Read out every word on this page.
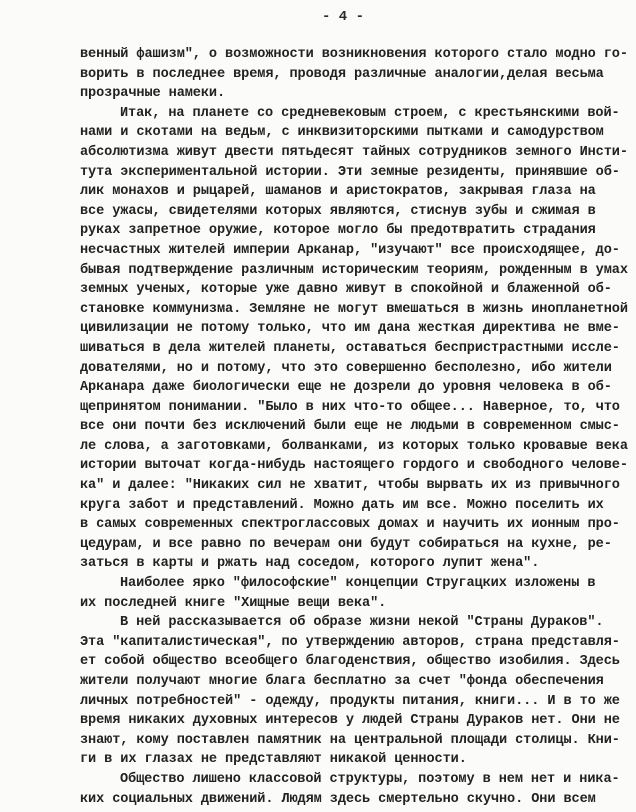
- 4 -
венный фашизм", о возможности возникновения которого стало модно го-
ворить в последнее время, проводя различные аналогии,делая весьма
прозрачные намеки.
Итак, на планете со средневековым строем, с крестьянскими вой-
нами и скотами на ведьм, с инквизиторскими пытками и самодурством
абсолютизма живут двести пятьдесят тайных сотрудников земного Инсти-
тута экспериментальной истории. Эти земные резиденты, принявшие об-
лик монахов и рыцарей, шаманов и аристократов, закрывая глаза на
все ужасы, свидетелями которых являются, стиснув зубы и сжимая в
руках запретное оружие, которое могло бы предотвратить страдания
несчастных жителей империи Арканар, "изучают" все происходящее, до-
бывая подтверждение различным историческим теориям, рожденным в умах
земных ученых, которые уже давно живут в спокойной и блаженной об-
становке коммунизма. Земляне не могут вмешаться в жизнь инопланетной
цивилизации не потому только, что им дана жесткая директива не вме-
шиваться в дела жителей планеты, оставаться беспристрастными иссле-
дователями, но и потому, что это совершенно бесполезно, ибо жители
Арканара даже биологически еще не дозрели до уровня человека в об-
щепринятом понимании. "Было в них что-то общее... Наверное, то, что
все они почти без исключений были еще не людьми в современном смыс-
ле слова, а заготовками, болванками, из которых только кровавые века
истории выточат когда-нибудь настоящего гордого и свободного челове-
ка" и далее: "Никаких сил не хватит, чтобы вырвать их из привычного
круга забот и представлений. Можно дать им все. Можно поселить их
в самых современных спектрогласcовых домах и научить их ионным про-
цедурам, и все равно по вечерам они будут собираться на кухне, ре-
заться в карты и ржать над соседом, которого лупит жена".
Наиболее ярко "философские" концепции Стругацких изложены в
их последней книге "Хищные вещи века".
В ней рассказывается об образе жизни некой "Страны Дураков".
Эта "капиталистическая", по утверждению авторов, страна представля-
ет собой общество всеобщего благоденствия, общество изобилия. Здесь
жители получают многие блага бесплатно за счет "фонда обеспечения
личных потребностей" - одежду, продукты питания, книги... И в то же
время никаких духовных интересов у людей Страны Дураков нет. Они не
знают, кому поставлен памятник на центральной площади столицы. Кни-
ги в их глазах не представляют никакой ценности.
Общество лишено классовой структуры, поэтому в нем нет и ника-
ких социальных движений. Людям здесь смертельно скучно. Они всем
